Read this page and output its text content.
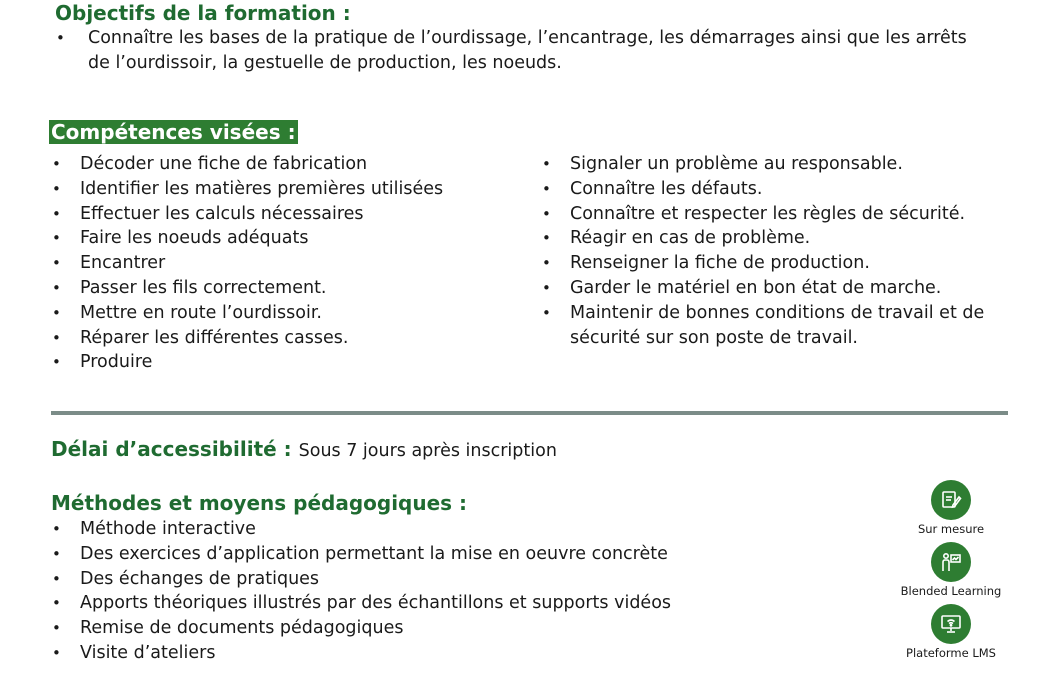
Objectifs de la formation :
• Connaître les bases de la pratique de l’ourdissage, l’encantrage, les démarrages ainsi que les arrêts de l’ourdissoir, la gestuelle de production, les noeuds.
Compétences visées :
• Décoder une fiche de fabrication
• Identifier les matières premières utilisées
• Effectuer les calculs nécessaires
• Faire les noeuds adéquats
• Encantrer
• Passer les fils correctement.
• Mettre en route l’ourdissoir.
• Réparer les différentes casses.
• Produire
• Signaler un problème au responsable.
• Connaître les défauts.
• Connaître et respecter les règles de sécurité.
• Réagir en cas de problème.
• Renseigner la fiche de production.
• Garder le matériel en bon état de marche.
• Maintenir de bonnes conditions de travail et de sécurité sur son poste de travail.
Délai d’accessibilité : Sous 7 jours après inscription
Méthodes et moyens pédagogiques :
• Méthode interactive
• Des exercices d’application permettant la mise en oeuvre concrète
• Des échanges de pratiques
• Apports théoriques illustrés par des échantillons et supports vidéos
• Remise de documents pédagogiques
• Visite d’ateliers
Sur mesure
Blended Learning
Plateforme LMS
